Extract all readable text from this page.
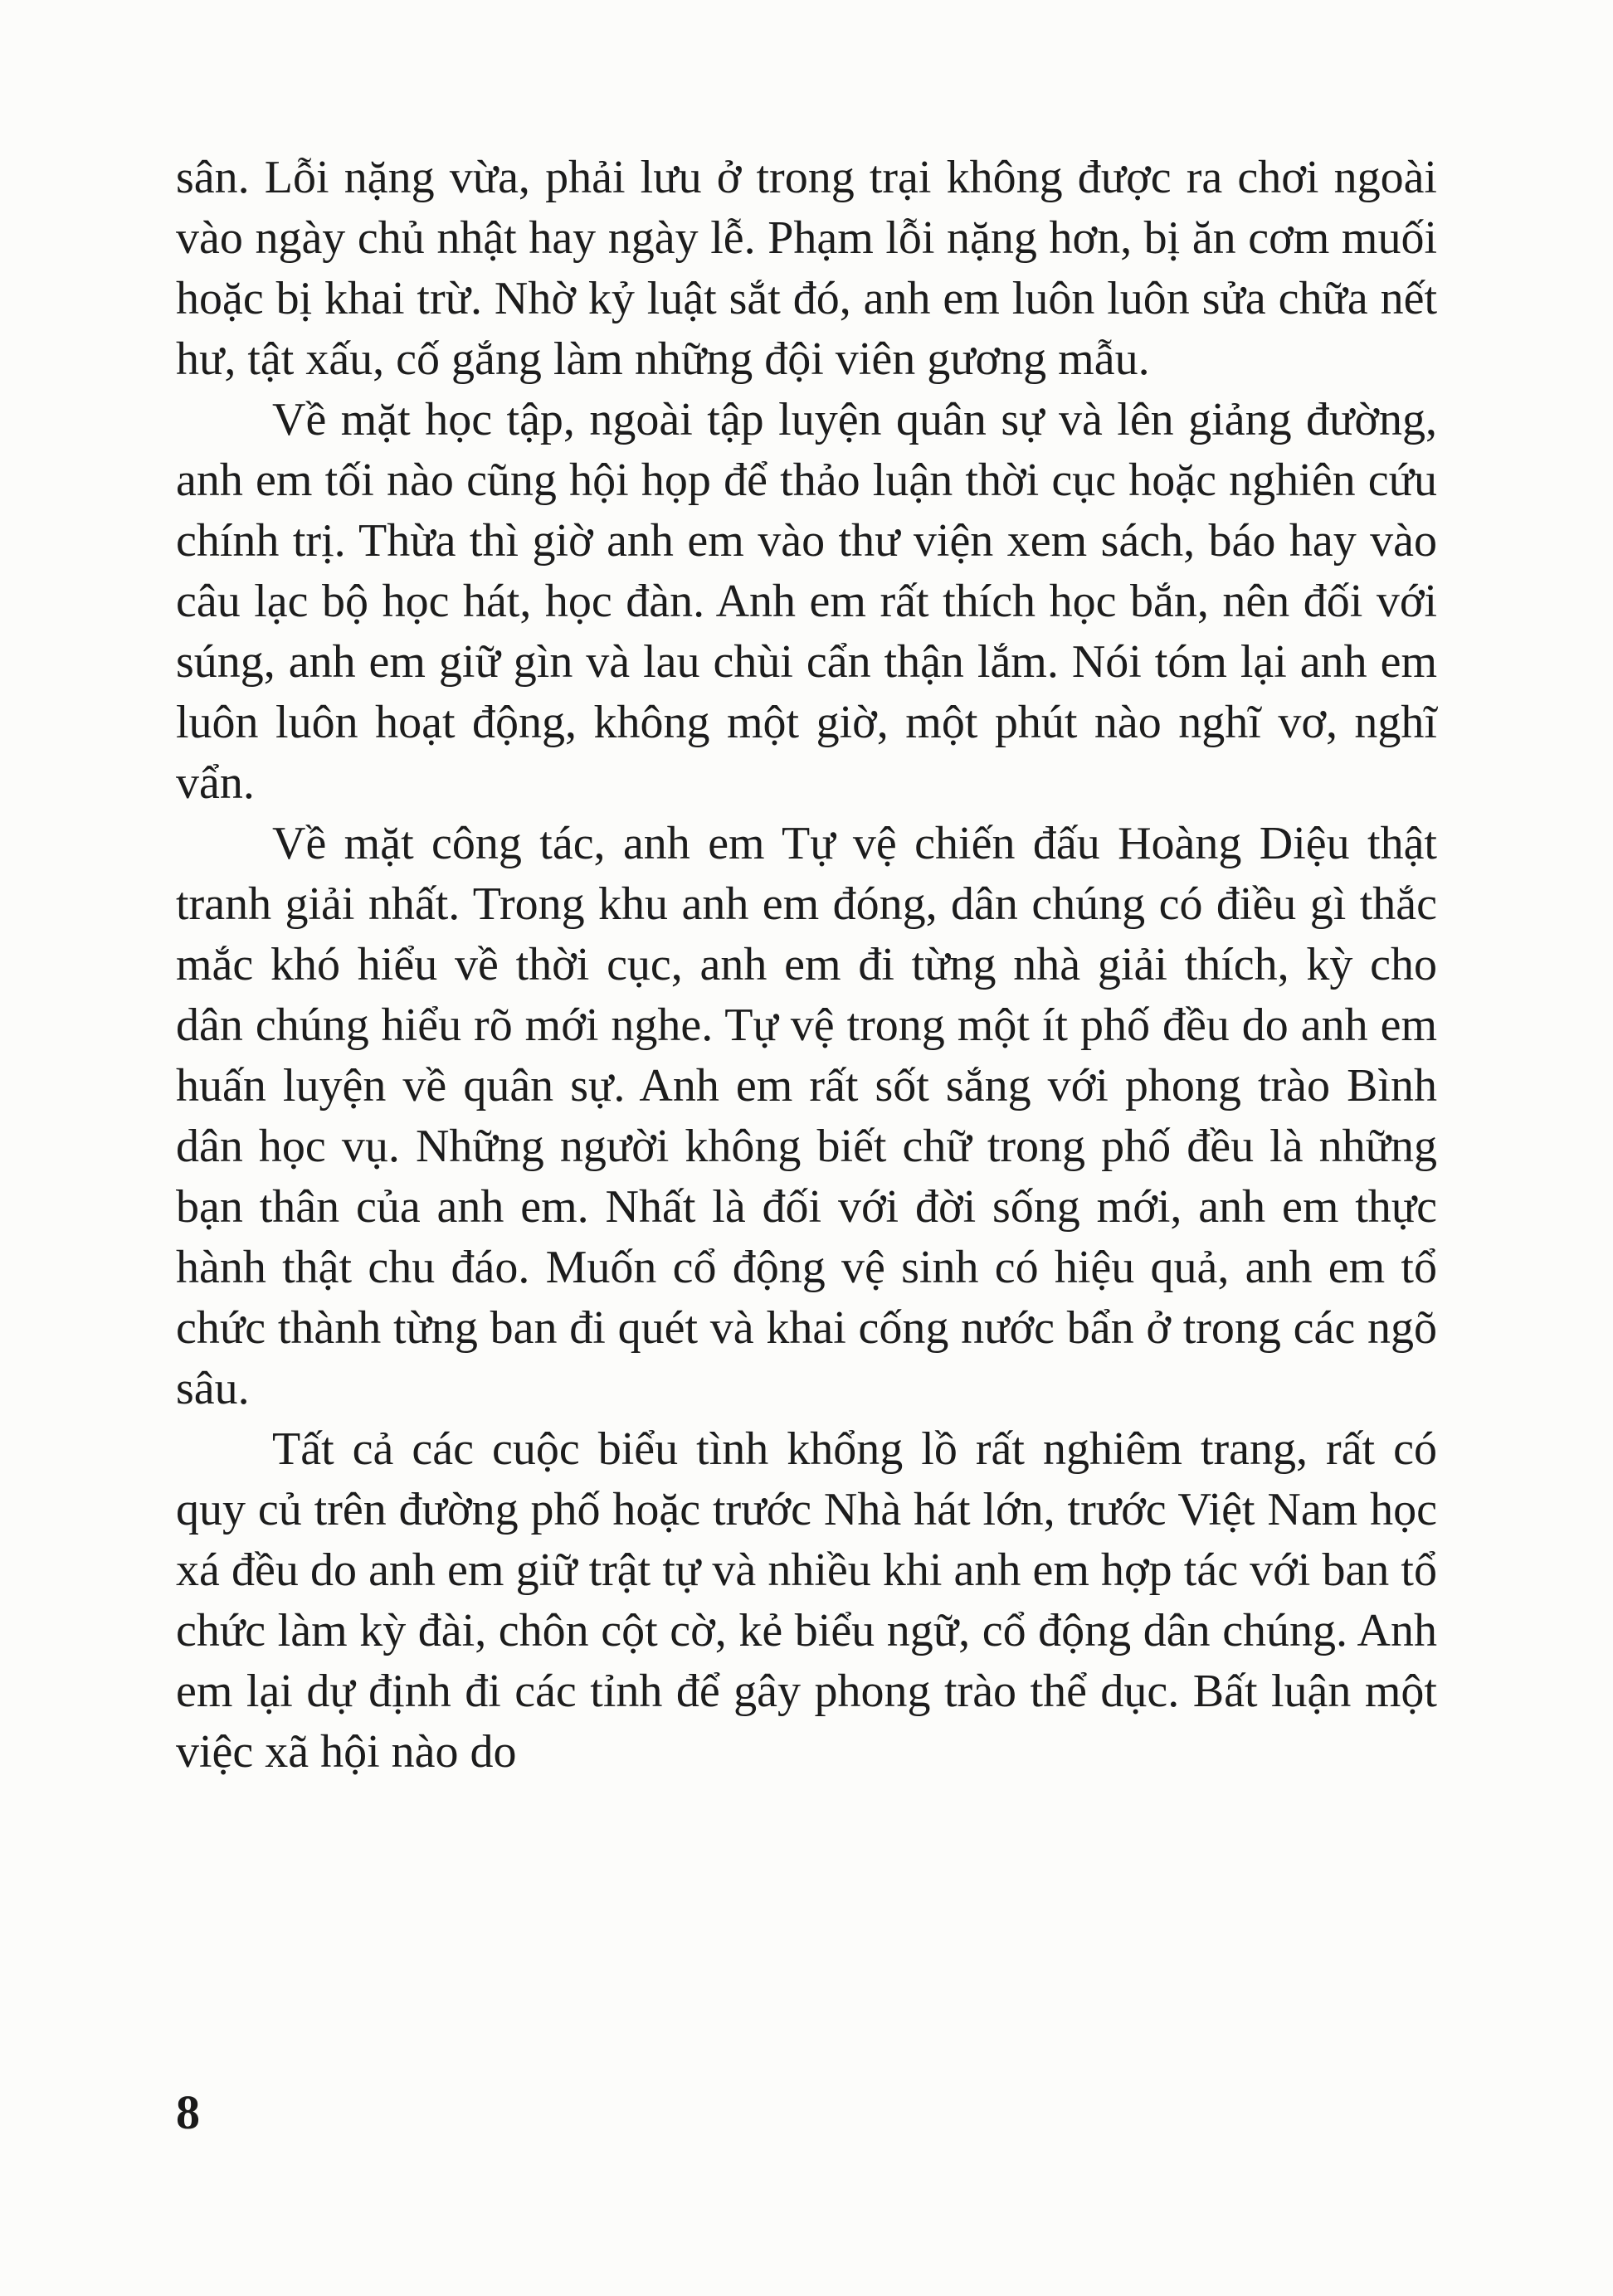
sân. Lỗi nặng vừa, phải lưu ở trong trại không được ra chơi ngoài vào ngày chủ nhật hay ngày lễ. Phạm lỗi nặng hơn, bị ăn cơm muối hoặc bị khai trừ. Nhờ kỷ luật sắt đó, anh em luôn luôn sửa chữa nết hư, tật xấu, cố gắng làm những đội viên gương mẫu.

Về mặt học tập, ngoài tập luyện quân sự và lên giảng đường, anh em tối nào cũng hội họp để thảo luận thời cục hoặc nghiên cứu chính trị. Thừa thì giờ anh em vào thư viện xem sách, báo hay vào câu lạc bộ học hát, học đàn. Anh em rất thích học bắn, nên đối với súng, anh em giữ gìn và lau chùi cẩn thận lắm. Nói tóm lại anh em luôn luôn hoạt động, không một giờ, một phút nào nghĩ vơ, nghĩ vẩn.

Về mặt công tác, anh em Tự vệ chiến đấu Hoàng Diệu thật tranh giải nhất. Trong khu anh em đóng, dân chúng có điều gì thắc mắc khó hiểu về thời cục, anh em đi từng nhà giải thích, kỳ cho dân chúng hiểu rõ mới nghe. Tự vệ trong một ít phố đều do anh em huấn luyện về quân sự. Anh em rất sốt sắng với phong trào Bình dân học vụ. Những người không biết chữ trong phố đều là những bạn thân của anh em. Nhất là đối với đời sống mới, anh em thực hành thật chu đáo. Muốn cổ động vệ sinh có hiệu quả, anh em tổ chức thành từng ban đi quét và khai cống nước bẩn ở trong các ngõ sâu.

Tất cả các cuộc biểu tình khổng lồ rất nghiêm trang, rất có quy củ trên đường phố hoặc trước Nhà hát lớn, trước Việt Nam học xá đều do anh em giữ trật tự và nhiều khi anh em hợp tác với ban tổ chức làm kỳ đài, chôn cột cờ, kẻ biểu ngữ, cổ động dân chúng. Anh em lại dự định đi các tỉnh để gây phong trào thể dục. Bất luận một việc xã hội nào do

8
